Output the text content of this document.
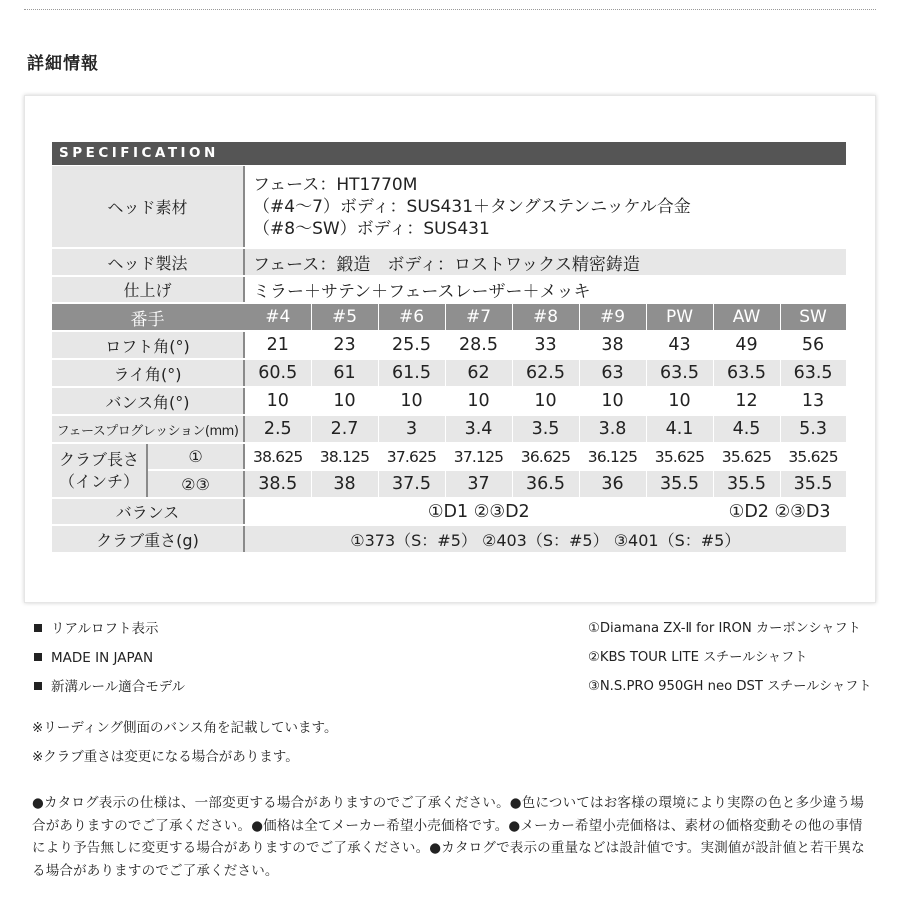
詳細情報
SPECIFICATION
ヘッド素材		フェース：HT1770M
（#4～7）ボディ：SUS431＋タングステンニッケル合金
（#8～SW）ボディ：SUS431								

ヘッド製法		フェース：鍛造　ボディ：ロストワックス精密鋳造								
仕上げ		ミラー＋サテン＋フェースレーザー＋メッキ								
番手		#4	#5	#6	#7	#8	#9	PW	AW	SW
ロフト角(°)		21	23	25.5	28.5	33	38	43	49	56
ライ角(°)		60.5	61	61.5	62	62.5	63	63.5	63.5	63.5
バンス角(°)		10	10	10	10	10	10	10	12	13
フェースプログレッション(mm)		2.5	2.7	3	3.4	3.5	3.8	4.1	4.5	5.3

クラブ長さ
（インチ）	①	38.625	38.125	37.625	37.125	36.625	36.125	35.625	35.625	35.625
	②③	38.5	38	37.5	37	36.5	36	35.5	35.5	35.5
バランス		①D1 ②③D2							①D2 ②③D3	
クラブ重さ(g)		①373（S：#5） ②403（S：#5） ③401（S：#5）								
リアルロフト表示
MADE IN JAPAN
新溝ルール適合モデル
①Diamana ZX-Ⅱ for IRON カーボンシャフト
②KBS TOUR LITE スチールシャフト
③N.S.PRO 950GH neo DST スチールシャフト
※リーディング側面のバンス角を記載しています。
※クラブ重さは変更になる場合があります。
●カタログ表示の仕様は、一部変更する場合がありますのでご了承ください。●色についてはお客様の環境により実際の色と多少違う場合がありますのでご了承ください。●価格は全てメーカー希望小売価格です。●メーカー希望小売価格は、素材の価格変動その他の事情により予告無しに変更する場合がありますのでご了承ください。●カタログで表示の重量などは設計値です。実測値が設計値と若干異なる場合がありますのでご了承ください。
